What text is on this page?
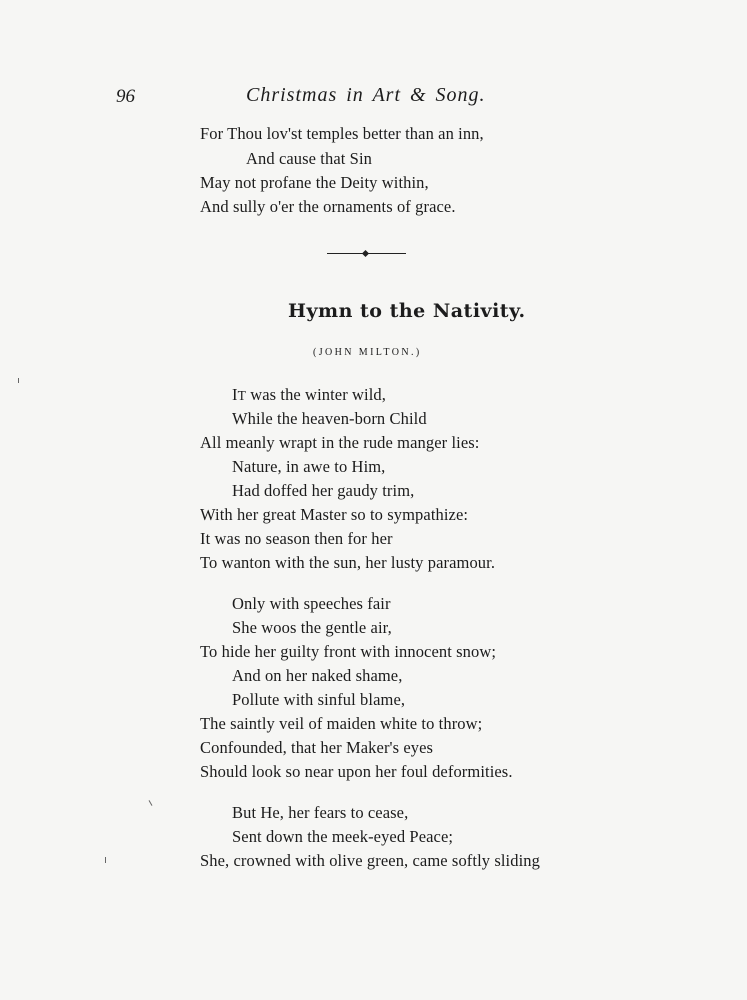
96	Christmas in Art & Song.
For Thou lov'st temples better than an inn,
And cause that Sin
May not profane the Deity within,
And sully o'er the ornaments of grace.
Hymn to the Nativity.
(JOHN MILTON.)
IT was the winter wild,
While the heaven-born Child
All meanly wrapt in the rude manger lies:
Nature, in awe to Him,
Had doffed her gaudy trim,
With her great Master so to sympathize:
It was no season then for her
To wanton with the sun, her lusty paramour.
Only with speeches fair
She woos the gentle air,
To hide her guilty front with innocent snow;
And on her naked shame,
Pollute with sinful blame,
The saintly veil of maiden white to throw;
Confounded, that her Maker's eyes
Should look so near upon her foul deformities.
But He, her fears to cease,
Sent down the meek-eyed Peace;
She, crowned with olive green, came softly sliding
